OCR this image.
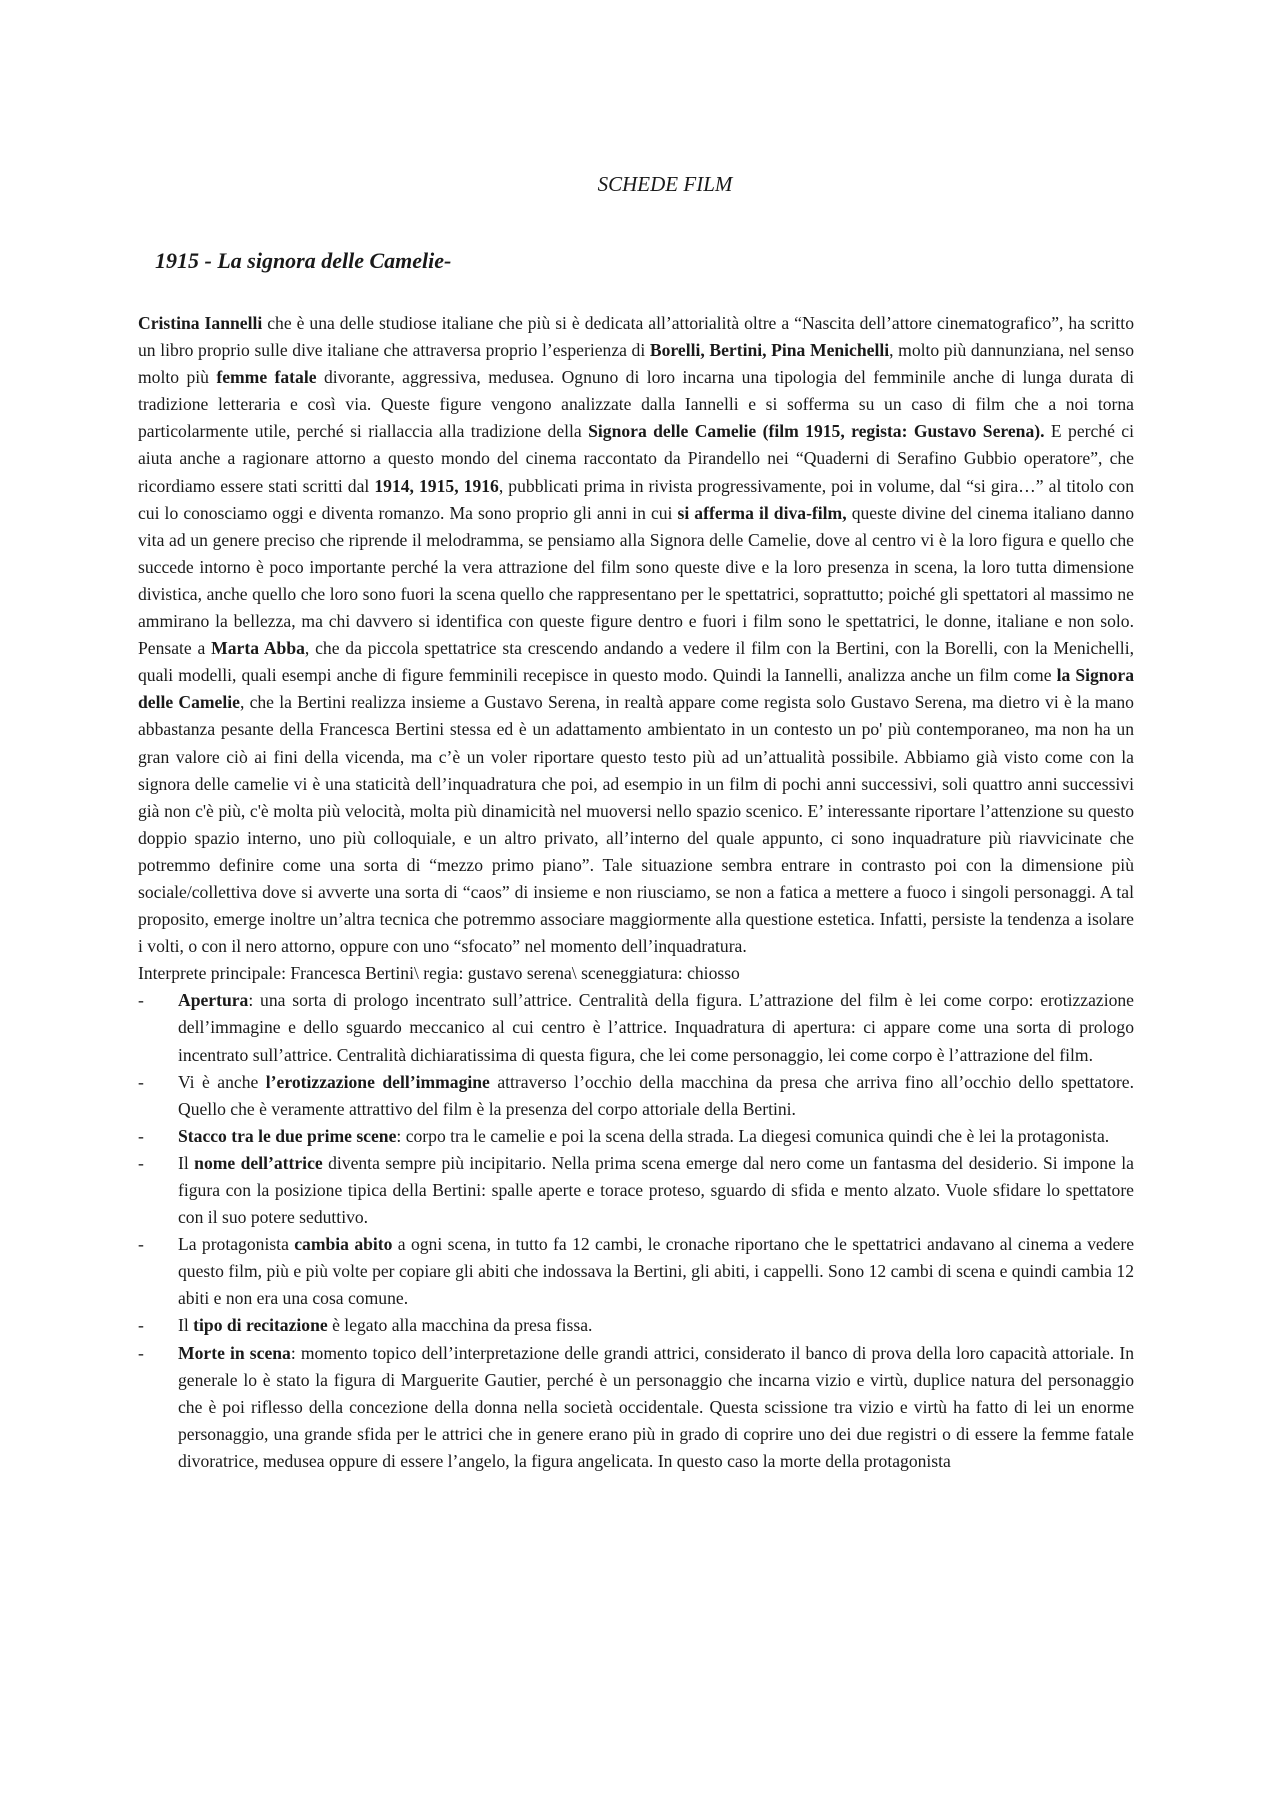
SCHEDE FILM
1915 - La signora delle Camelie-

Cristina Iannelli che è una delle studiose italiane che più si è dedicata all’attorialità oltre a “Nascita dell’attore cinematografico”, ha scritto un libro proprio sulle dive italiane che attraversa proprio l’esperienza di Borelli, Bertini, Pina Menichelli, molto più dannunziana, nel senso molto più femme fatale divorante, aggressiva, medusea. Ognuno di loro incarna una tipologia del femminile anche di lunga durata di tradizione letteraria e così via. Queste figure vengono analizzate dalla Iannelli e si sofferma su un caso di film che a noi torna particolarmente utile, perché si riallaccia alla tradizione della Signora delle Camelie (film 1915, regista: Gustavo Serena). E perché ci aiuta anche a ragionare attorno a questo mondo del cinema raccontato da Pirandello nei “Quaderni di Serafino Gubbio operatore”, che ricordiamo essere stati scritti dal 1914, 1915, 1916, pubblicati prima in rivista progressivamente, poi in volume, dal “si gira…” al titolo con cui lo conosciamo oggi e diventa romanzo. Ma sono proprio gli anni in cui si afferma il diva-film, queste divine del cinema italiano danno vita ad un genere preciso che riprende il melodramma, se pensiamo alla Signora delle Camelie, dove al centro vi è la loro figura e quello che succede intorno è poco importante perché la vera attrazione del film sono queste dive e la loro presenza in scena, la loro tutta dimensione divistica, anche quello che loro sono fuori la scena quello che rappresentano per le spettatrici, soprattutto; poiché gli spettatori al massimo ne ammirano la bellezza, ma chi davvero si identifica con queste figure dentro e fuori i film sono le spettatrici, le donne, italiane e non solo. Pensate a Marta Abba, che da piccola spettatrice sta crescendo andando a vedere il film con la Bertini, con la Borelli, con la Menichelli, quali modelli, quali esempi anche di figure femminili recepisce in questo modo. Quindi la Iannelli, analizza anche un film come la Signora delle Camelie, che la Bertini realizza insieme a Gustavo Serena, in realtà appare come regista solo Gustavo Serena, ma dietro vi è la mano abbastanza pesante della Francesca Bertini stessa ed è un adattamento ambientato in un contesto un po' più contemporaneo, ma non ha un gran valore ciò ai fini della vicenda, ma c’è un voler riportare questo testo più ad un’attualità possibile. Abbiamo già visto come con la signora delle camelie vi è una staticità dell’inquadratura che poi, ad esempio in un film di pochi anni successivi, soli quattro anni successivi già non c'è più, c'è molta più velocità, molta più dinamicità nel muoversi nello spazio scenico. E’ interessante riportare l’attenzione su questo doppio spazio interno, uno più colloquiale, e un altro privato, all’interno del quale appunto, ci sono inquadrature più riavvicinate che potremmo definire come una sorta di “mezzo primo piano”. Tale situazione sembra entrare in contrasto poi con la dimensione più sociale/collettiva dove si avverte una sorta di “caos” di insieme e non riusciamo, se non a fatica a mettere a fuoco i singoli personaggi. A tal proposito, emerge inoltre un’altra tecnica che potremmo associare maggiormente alla questione estetica. Infatti, persiste la tendenza a isolare i volti, o con il nero attorno, oppure con uno “sfocato” nel momento dell’inquadratura.

Interprete principale: Francesca Bertini\ regia: gustavo serena\ sceneggiatura: chiosso

- Apertura: una sorta di prologo incentrato sull’attrice. Centralità della figura. L’attrazione del film è lei come corpo: erotizzazione dell’immagine e dello sguardo meccanico al cui centro è l’attrice. Inquadratura di apertura: ci appare come una sorta di prologo incentrato sull’attrice. Centralità dichiaratissima di questa figura, che lei come personaggio, lei come corpo è l’attrazione del film.
- Vi è anche l’erotizzazione dell’immagine attraverso l’occhio della macchina da presa che arriva fino all’occhio dello spettatore. Quello che è veramente attrattivo del film è la presenza del corpo attoriale della Bertini.
- Stacco tra le due prime scene: corpo tra le camelie e poi la scena della strada. La diegesi comunica quindi che è lei la protagonista.
- Il nome dell’attrice diventa sempre più incipitario. Nella prima scena emerge dal nero come un fantasma del desiderio. Si impone la figura con la posizione tipica della Bertini: spalle aperte e torace proteso, sguardo di sfida e mento alzato. Vuole sfidare lo spettatore con il suo potere seduttivo.
- La protagonista cambia abito a ogni scena, in tutto fa 12 cambi, le cronache riportano che le spettatrici andavano al cinema a vedere questo film, più e più volte per copiare gli abiti che indossava la Bertini, gli abiti, i cappelli. Sono 12 cambi di scena e quindi cambia 12 abiti e non era una cosa comune.
- Il tipo di recitazione è legato alla macchina da presa fissa.
- Morte in scena: momento topico dell’interpretazione delle grandi attrici, considerato il banco di prova della loro capacità attoriale. In generale lo è stato la figura di Marguerite Gautier, perché è un personaggio che incarna vizio e virtù, duplice natura del personaggio che è poi riflesso della concezione della donna nella società occidentale. Questa scissione tra vizio e virtù ha fatto di lei un enorme personaggio, una grande sfida per le attrici che in genere erano più in grado di coprire uno dei due registri o di essere la femme fatale divoratrice, medusea oppure di essere l’angelo, la figura angelicata. In questo caso la morte della protagonista
